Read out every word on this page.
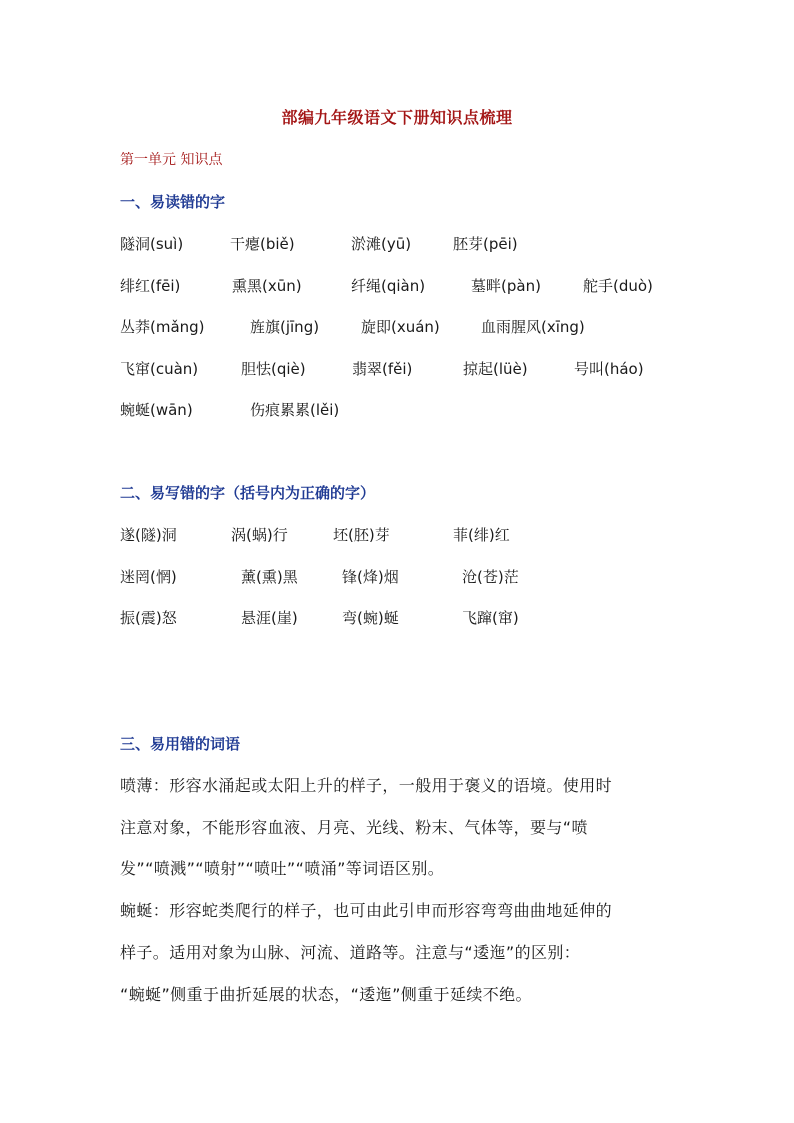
部编九年级语文下册知识点梳理
第一单元 知识点
一、易读错的字
隧洞(suì)	干瘪(biě)	淤滩(yū)	胚芽(pēi)
绯红(fēi)	熏黑(xūn)	纤绳(qiàn)	墓畔(pàn)	舵手(duò)
丛莽(mǎng)	旌旗(jīng)	旋即(xuán)	血雨腥风(xīng)
飞窜(cuàn)	胆怯(qiè)	翡翠(fěi)	掠起(lüè)	号叫(háo)
蜿蜒(wān)	伤痕累累(lěi)
二、易写错的字（括号内为正确的字）
遂(隧)洞	涡(蜗)行	坯(胚)芽	菲(绯)红
迷罔(惘)	薰(熏)黑	锋(烽)烟	沧(苍)茫
振(震)怒	悬涯(崖)	弯(蜿)蜒	飞蹿(窜)
三、易用错的词语
喷薄：形容水涌起或太阳上升的样子，一般用于褒义的语境。使用时
注意对象，不能形容血液、月亮、光线、粉末、气体等，要与“喷
发”“喷溅”“喷射”“喷吐”“喷涌”等词语区别。
蜿蜒：形容蛇类爬行的样子，也可由此引申而形容弯弯曲曲地延伸的
样子。适用对象为山脉、河流、道路等。注意与“逶迤”的区别：
“蜿蜒”侧重于曲折延展的状态，“逶迤”侧重于延续不绝。
